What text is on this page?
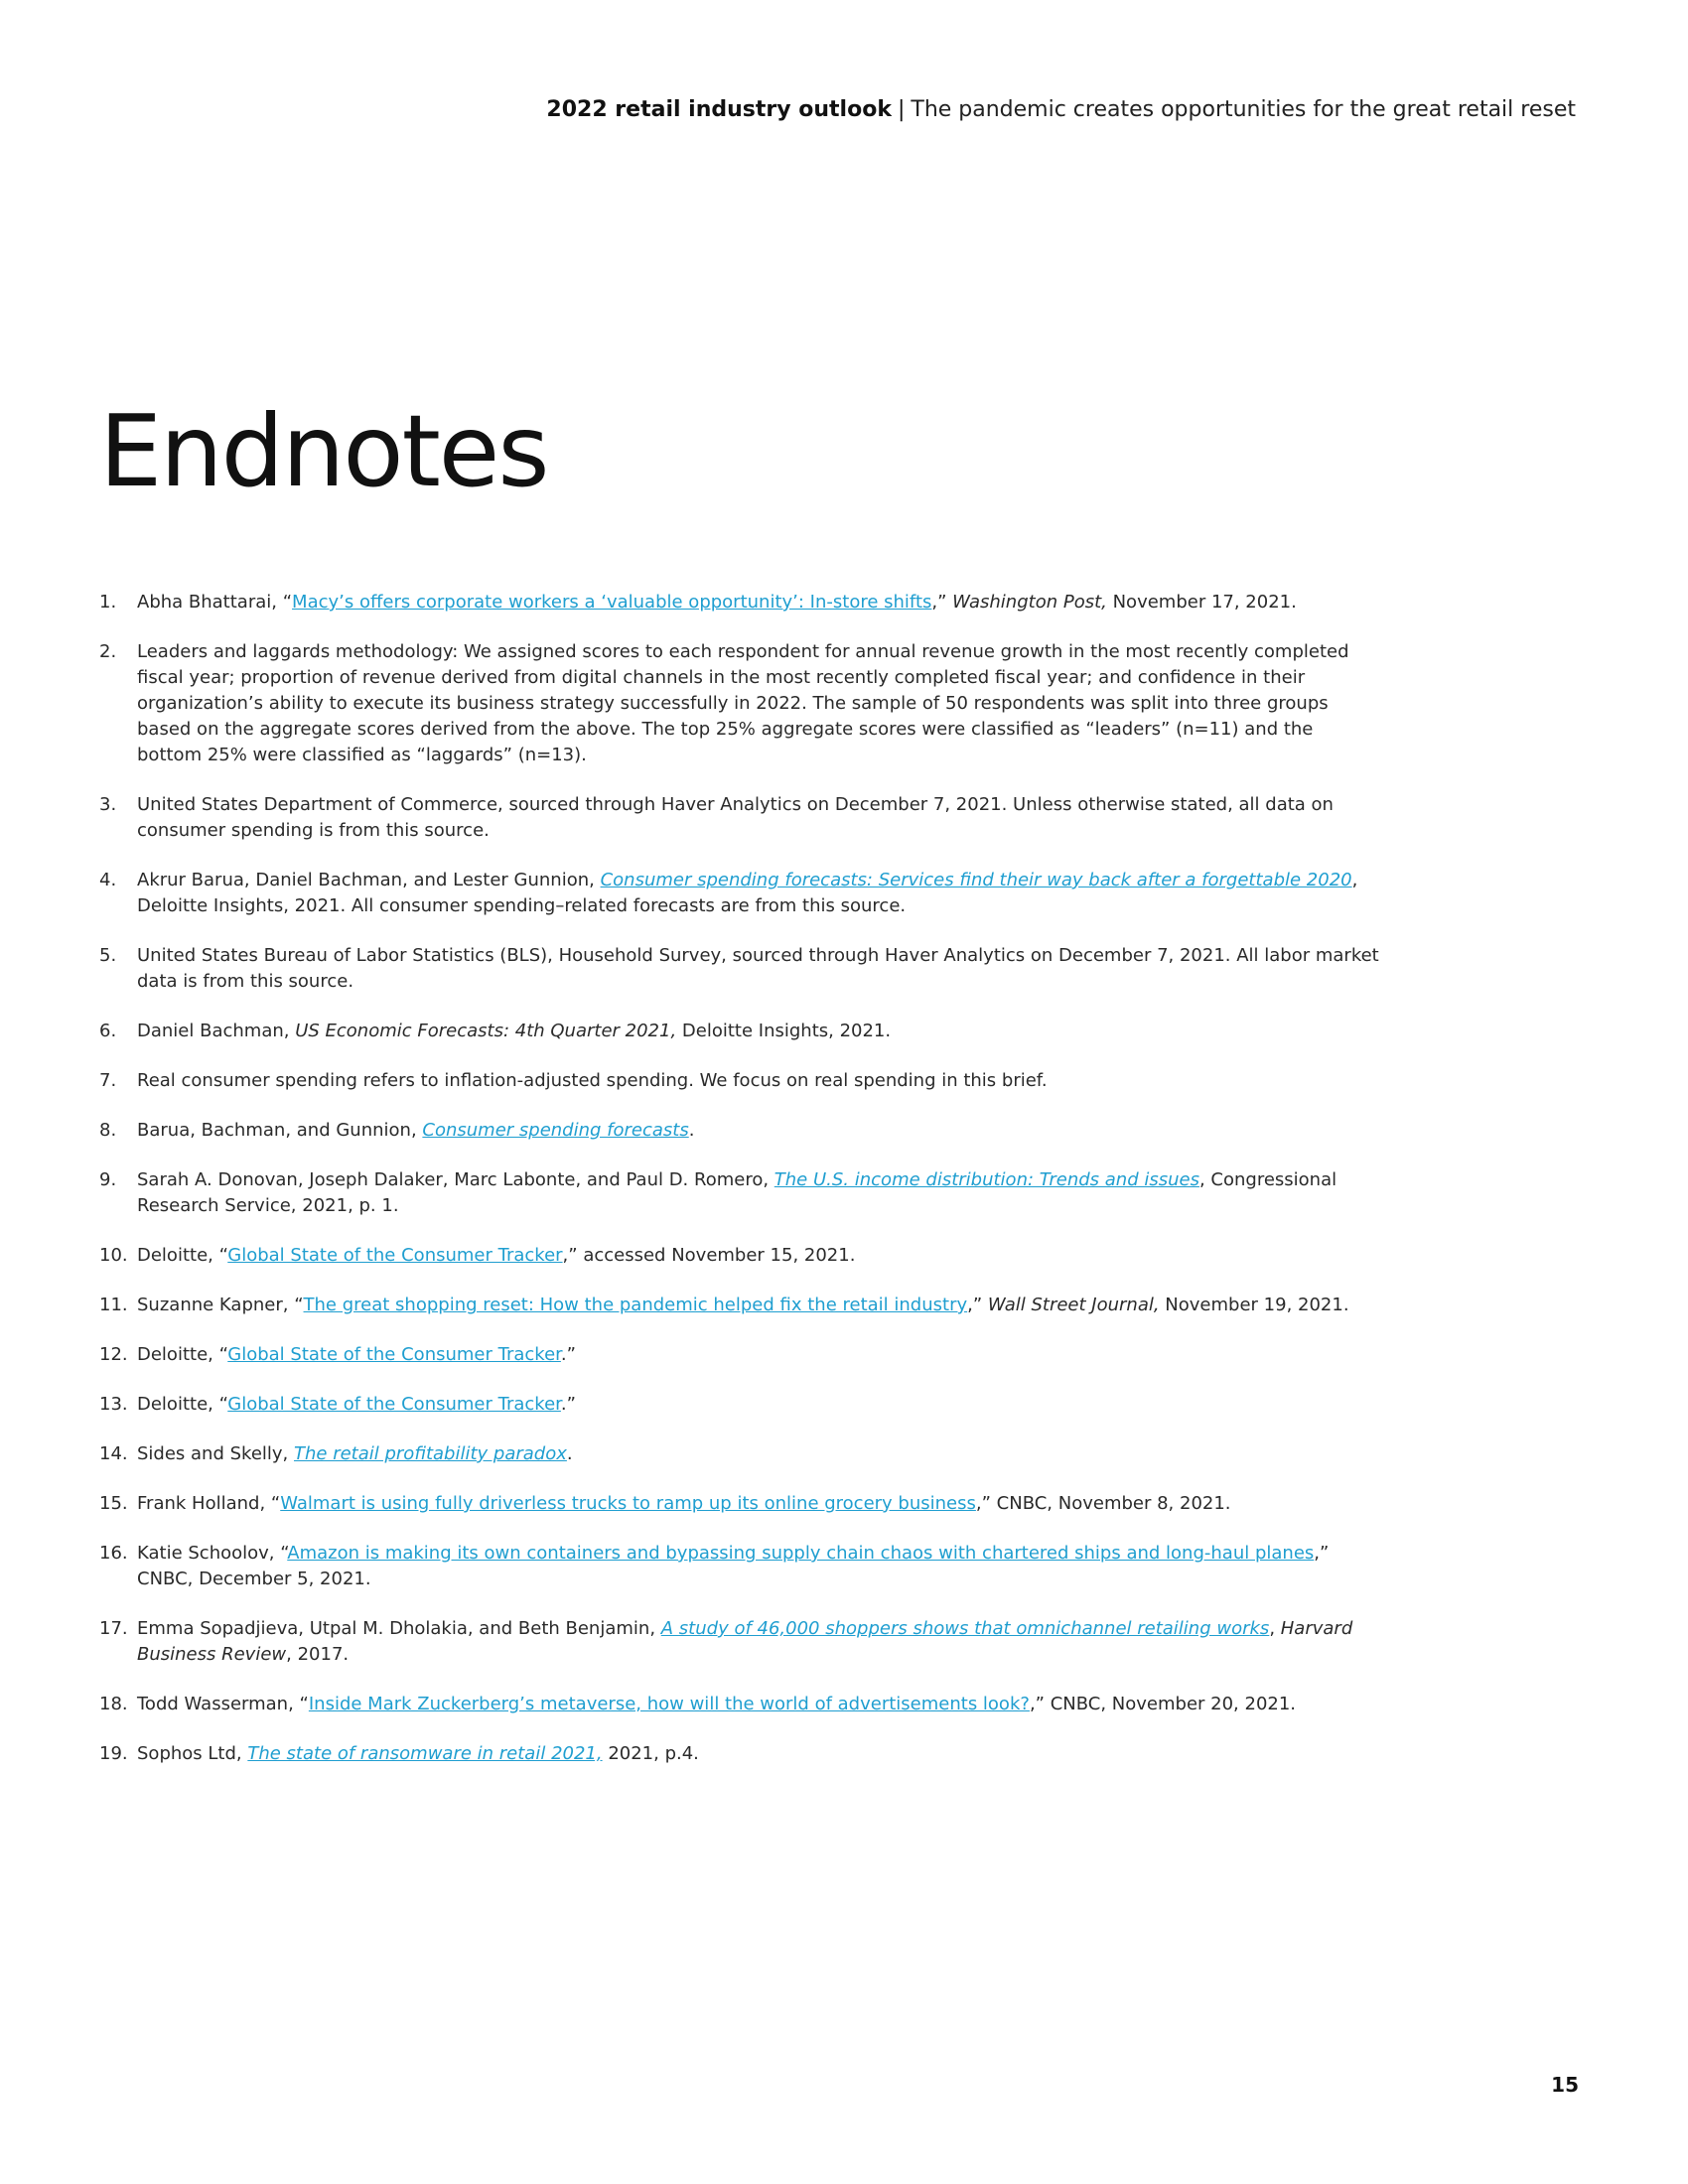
2022 retail industry outlook | The pandemic creates opportunities for the great retail reset
Endnotes
1.	Abha Bhattarai, “Macy’s offers corporate workers a ‘valuable opportunity’: In-store shifts,” Washington Post, November 17, 2021.
2.	Leaders and laggards methodology: We assigned scores to each respondent for annual revenue growth in the most recently completed fiscal year; proportion of revenue derived from digital channels in the most recently completed fiscal year; and confidence in their organization’s ability to execute its business strategy successfully in 2022. The sample of 50 respondents was split into three groups based on the aggregate scores derived from the above. The top 25% aggregate scores were classified as “leaders” (n=11) and the bottom 25% were classified as “laggards” (n=13).
3.	United States Department of Commerce, sourced through Haver Analytics on December 7, 2021. Unless otherwise stated, all data on consumer spending is from this source.
4.	Akrur Barua, Daniel Bachman, and Lester Gunnion, Consumer spending forecasts: Services find their way back after a forgettable 2020, Deloitte Insights, 2021. All consumer spending–related forecasts are from this source.
5.	United States Bureau of Labor Statistics (BLS), Household Survey, sourced through Haver Analytics on December 7, 2021. All labor market data is from this source.
6.	Daniel Bachman, US Economic Forecasts: 4th Quarter 2021, Deloitte Insights, 2021.
7.	Real consumer spending refers to inflation-adjusted spending. We focus on real spending in this brief.
8.	Barua, Bachman, and Gunnion, Consumer spending forecasts.
9.	Sarah A. Donovan, Joseph Dalaker, Marc Labonte, and Paul D. Romero, The U.S. income distribution: Trends and issues, Congressional Research Service, 2021, p. 1.
10. Deloitte, “Global State of the Consumer Tracker,” accessed November 15, 2021.
11. Suzanne Kapner, “The great shopping reset: How the pandemic helped fix the retail industry,” Wall Street Journal, November 19, 2021.
12. Deloitte, “Global State of the Consumer Tracker.”
13. Deloitte, “Global State of the Consumer Tracker.”
14. Sides and Skelly, The retail profitability paradox.
15. Frank Holland, “Walmart is using fully driverless trucks to ramp up its online grocery business,” CNBC, November 8, 2021.
16. Katie Schoolov, “Amazon is making its own containers and bypassing supply chain chaos with chartered ships and long-haul planes,” CNBC, December 5, 2021.
17. Emma Sopadjieva, Utpal M. Dholakia, and Beth Benjamin, A study of 46,000 shoppers shows that omnichannel retailing works, Harvard Business Review, 2017.
18. Todd Wasserman, “Inside Mark Zuckerberg’s metaverse, how will the world of advertisements look?,” CNBC, November 20, 2021.
19. Sophos Ltd, The state of ransomware in retail 2021, 2021, p.4.
15
